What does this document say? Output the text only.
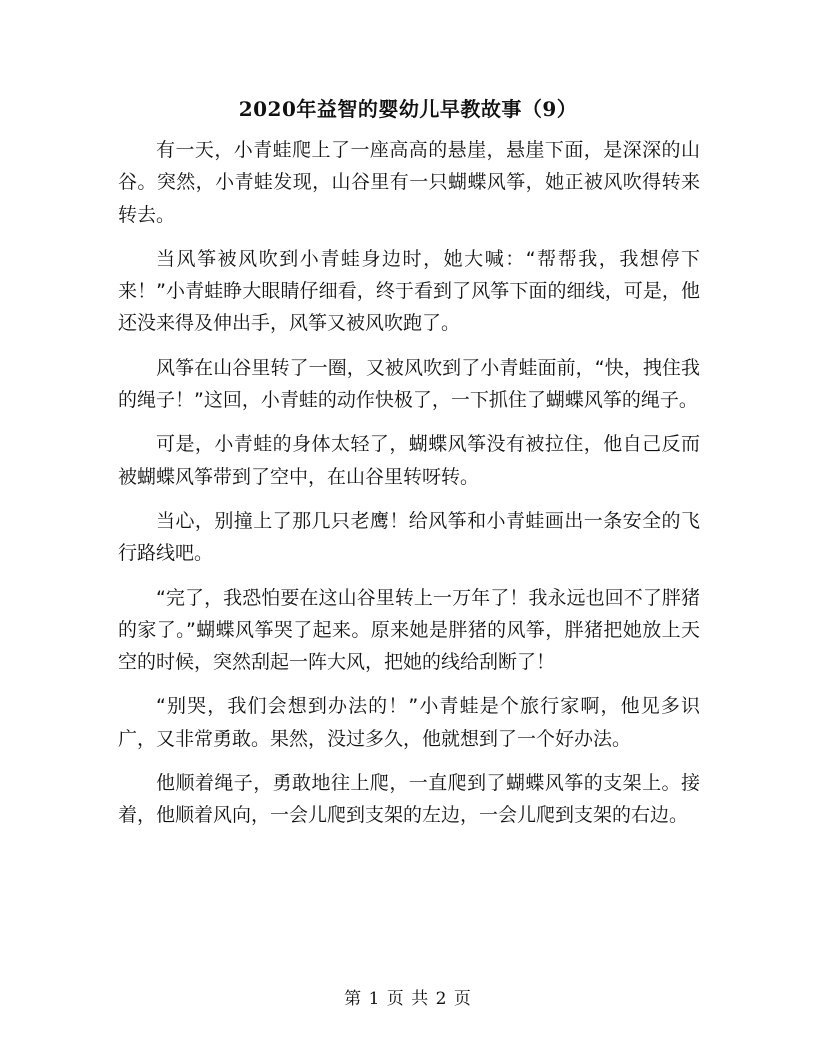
2020年益智的婴幼儿早教故事（9）

有一天，小青蛙爬上了一座高高的悬崖，悬崖下面，是深深的山谷。突然，小青蛙发现，山谷里有一只蝴蝶风筝，她正被风吹得转来转去。

当风筝被风吹到小青蛙身边时，她大喊：“帮帮我，我想停下来！”小青蛙睁大眼睛仔细看，终于看到了风筝下面的细线，可是，他还没来得及伸出手，风筝又被风吹跑了。

风筝在山谷里转了一圈，又被风吹到了小青蛙面前，“快，拽住我的绳子！”这回，小青蛙的动作快极了，一下抓住了蝴蝶风筝的绳子。

可是，小青蛙的身体太轻了，蝴蝶风筝没有被拉住，他自己反而被蝴蝶风筝带到了空中，在山谷里转呀转。

当心，别撞上了那几只老鹰！给风筝和小青蛙画出一条安全的飞行路线吧。

“完了，我恐怕要在这山谷里转上一万年了！我永远也回不了胖猪的家了。”蝴蝶风筝哭了起来。原来她是胖猪的风筝，胖猪把她放上天空的时候，突然刮起一阵大风，把她的线给刮断了！

“别哭，我们会想到办法的！”小青蛙是个旅行家啊，他见多识广，又非常勇敢。果然，没过多久，他就想到了一个好办法。

他顺着绳子，勇敢地往上爬，一直爬到了蝴蝶风筝的支架上。接着，他顺着风向，一会儿爬到支架的左边，一会儿爬到支架的右边。

第 1 页 共 2 页
